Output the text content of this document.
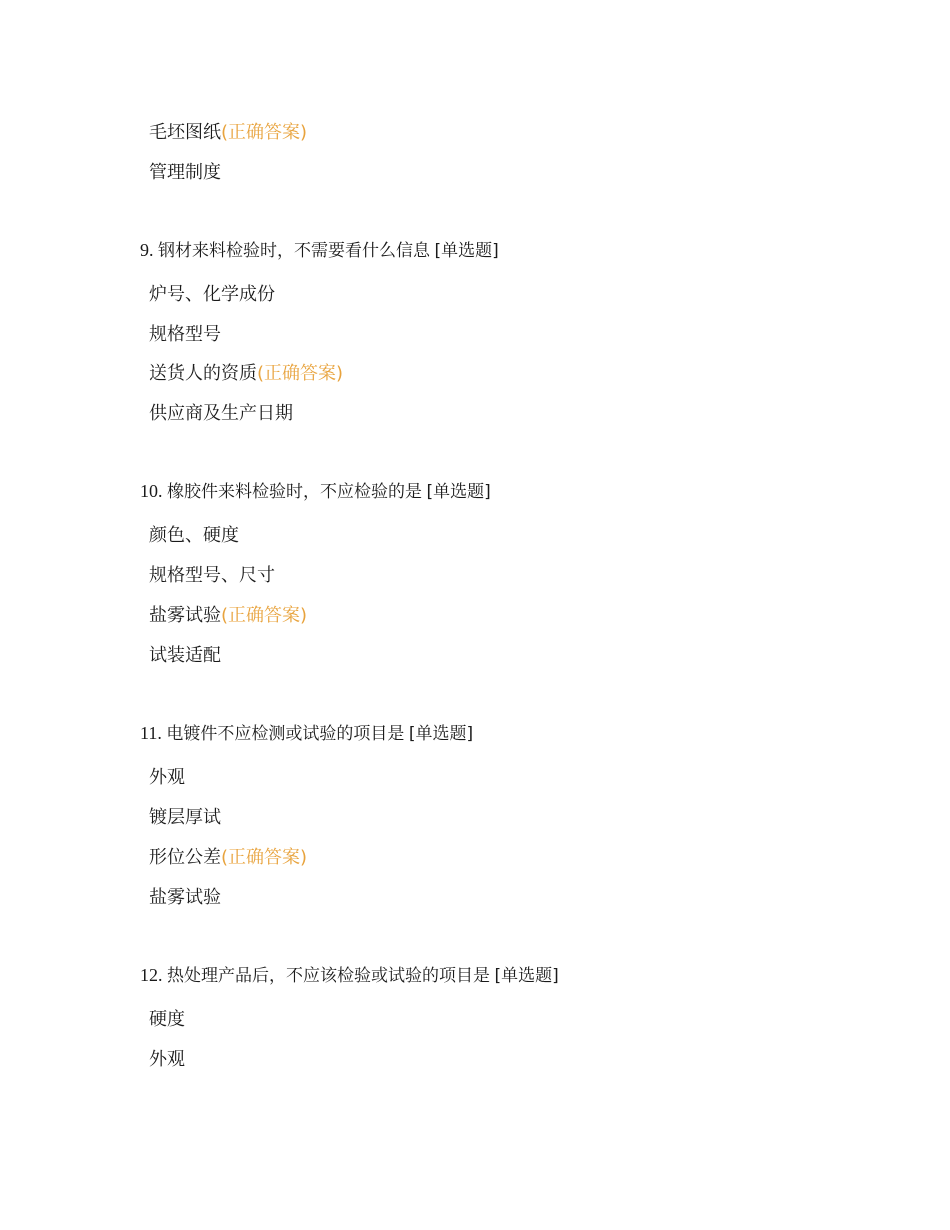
毛坯图纸(正确答案)
管理制度
9. 钢材来料检验时，不需要看什么信息 [单选题]
炉号、化学成份
规格型号
送货人的资质(正确答案)
供应商及生产日期
10. 橡胶件来料检验时，不应检验的是 [单选题]
颜色、硬度
规格型号、尺寸
盐雾试验(正确答案)
试装适配
11. 电镀件不应检测或试验的项目是 [单选题]
外观
镀层厚试
形位公差(正确答案)
盐雾试验
12. 热处理产品后，不应该检验或试验的项目是 [单选题]
硬度
外观
